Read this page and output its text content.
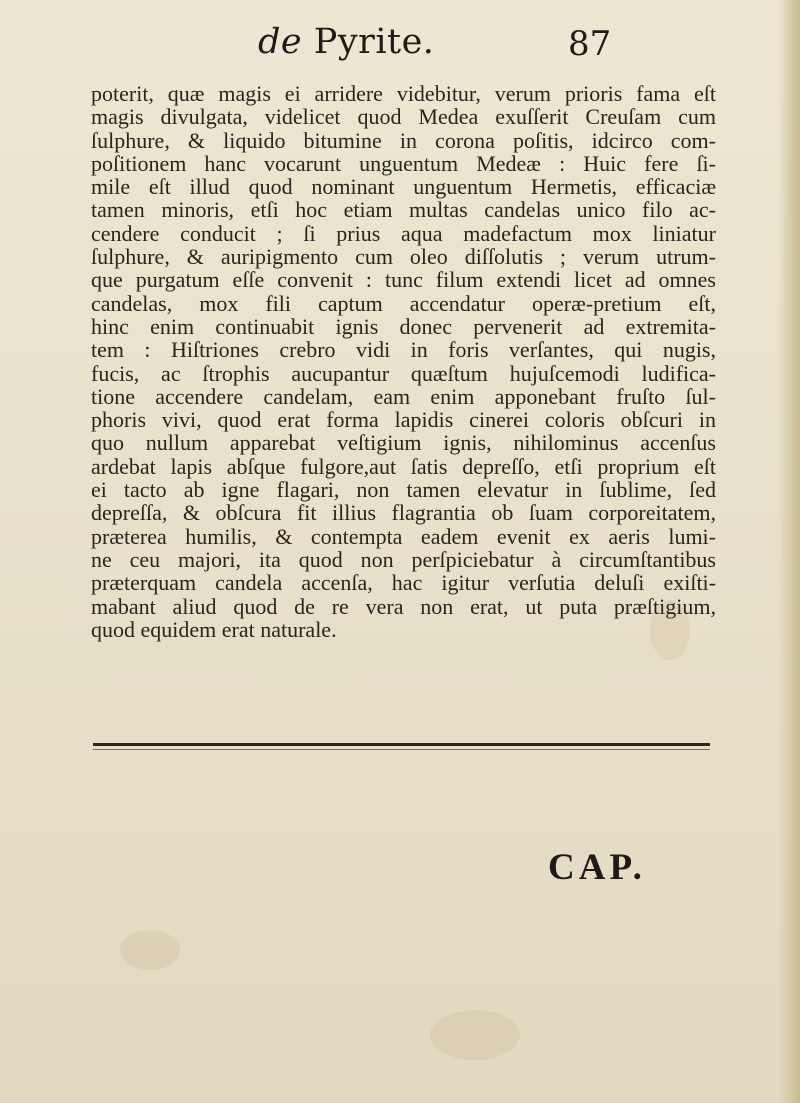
de Pyrite.	87
poterit, quæ magis ei arridere videbitur, verum prioris fama eſt
magis divulgata, videlicet quod Medea exuſſerit Creuſam cum
ſulphure, & liquido bitumine in corona poſitis, idcirco com-
poſitionem hanc vocarunt unguentum Medeæ : Huic fere ſi-
mile eſt illud quod nominant unguentum Hermetis, efficaciæ
tamen minoris, etſi hoc etiam multas candelas unico filo ac-
cendere conducit ; ſi prius aqua madefactum mox liniatur
ſulphure, & auripigmento cum oleo diſſolutis ; verum utrum-
que purgatum eſſe convenit : tunc filum extendi licet ad omnes
candelas, mox fili captum accendatur operæ-pretium eſt,
hinc enim continuabit ignis donec pervenerit ad extremita-
tem : Hiſtriones crebro vidi in foris verſantes, qui nugis,
fucis, ac ſtrophis aucupantur quæſtum hujuſcemodi ludifica-
tione accendere candelam, eam enim apponebant fruſto ſul-
phoris vivi, quod erat forma lapidis cinerei coloris obſcuri in
quo nullum apparebat veſtigium ignis, nihilominus accenſus
ardebat lapis abſque fulgore,aut ſatis depreſſo, etſi proprium eſt
ei tacto ab igne flagari, non tamen elevatur in ſublime, ſed
depreſſa, & obſcura fit illius flagrantia ob ſuam corporeitatem,
præterea humilis, & contempta eadem evenit ex aeris lumi-
ne ceu majori, ita quod non perſpiciebatur à circumſtantibus
præterquam candela accenſa, hac igitur verſutia deluſi exiſti-
mabant aliud quod de re vera non erat, ut puta præſtigium,
quod equidem erat naturale.
CAP.
